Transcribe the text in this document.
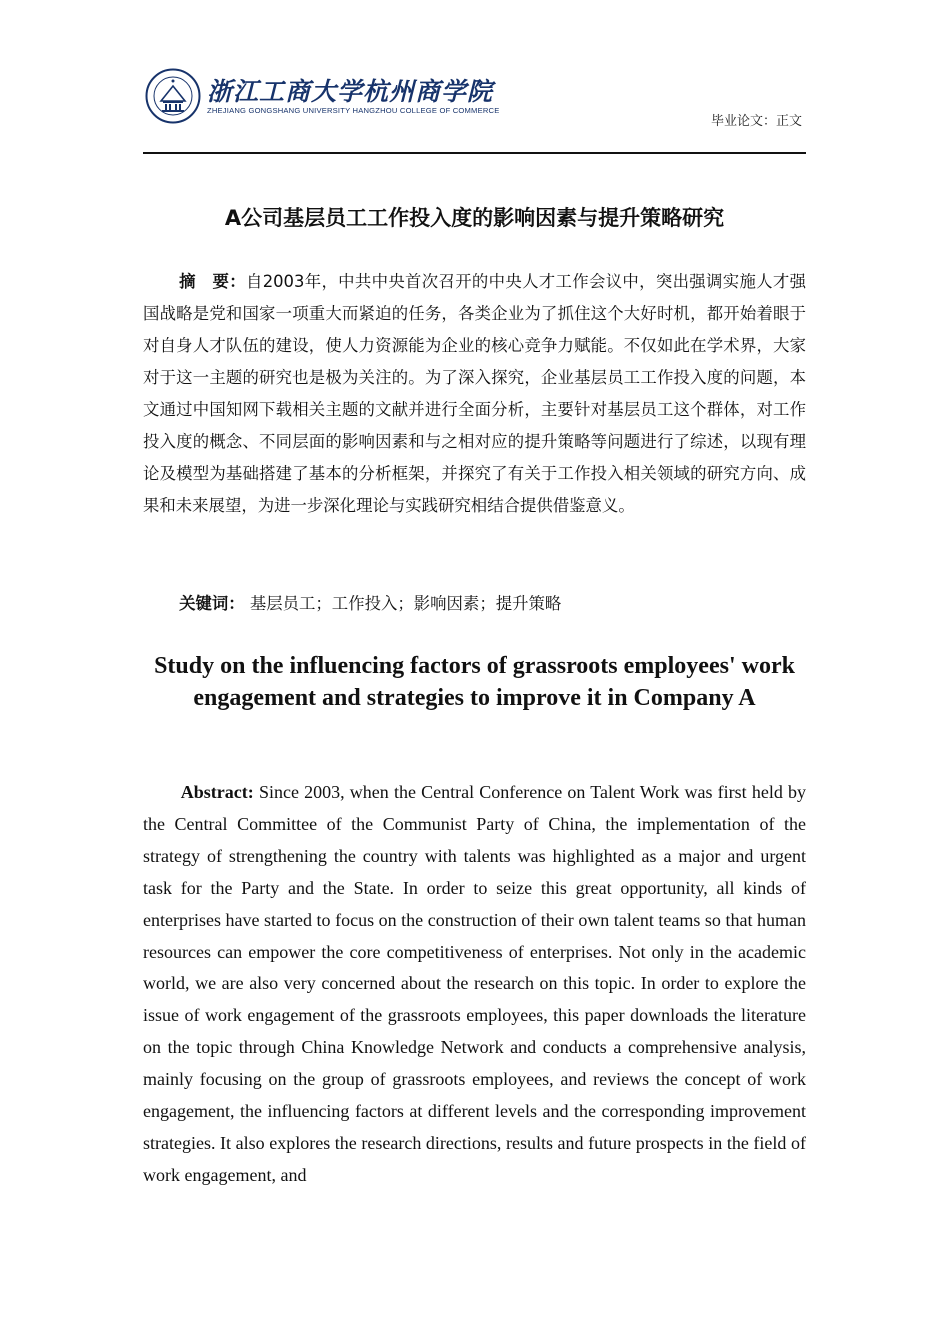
浙江工商大学杭州商学院
ZHEJIANG GONGSHANG UNIVERSITY HANGZHOU COLLEGE OF COMMERCE
毕业论文：正文
A公司基层员工工作投入度的影响因素与提升策略研究

摘　要：自2003年，中共中央首次召开的中央人才工作会议中，突出强调实施人才强国战略是党和国家一项重大而紧迫的任务，各类企业为了抓住这个大好时机，都开始着眼于对自身人才队伍的建设，使人力资源能为企业的核心竞争力赋能。不仅如此在学术界，大家对于这一主题的研究也是极为关注的。为了深入探究，企业基层员工工作投入度的问题，本文通过中国知网下载相关主题的文献并进行全面分析，主要针对基层员工这个群体，对工作投入度的概念、不同层面的影响因素和与之相对应的提升策略等问题进行了综述，以现有理论及模型为基础搭建了基本的分析框架，并探究了有关于工作投入相关领域的研究方向、成果和未来展望，为进一步深化理论与实践研究相结合提供借鉴意义。

关键词： 基层员工；工作投入；影响因素；提升策略

Study on the influencing factors of grassroots employees' work engagement and strategies to improve it in Company A

Abstract: Since 2003, when the Central Conference on Talent Work was first held by the Central Committee of the Communist Party of China, the implementation of the strategy of strengthening the country with talents was highlighted as a major and urgent task for the Party and the State. In order to seize this great opportunity, all kinds of enterprises have started to focus on the construction of their own talent teams so that human resources can empower the core competitiveness of enterprises. Not only in the academic world, we are also very concerned about the research on this topic. In order to explore the issue of work engagement of the grassroots employees, this paper downloads the literature on the topic through China Knowledge Network and conducts a comprehensive analysis, mainly focusing on the group of grassroots employees, and reviews the concept of work engagement, the influencing factors at different levels and the corresponding improvement strategies. It also explores the research directions, results and future prospects in the field of work engagement, and
